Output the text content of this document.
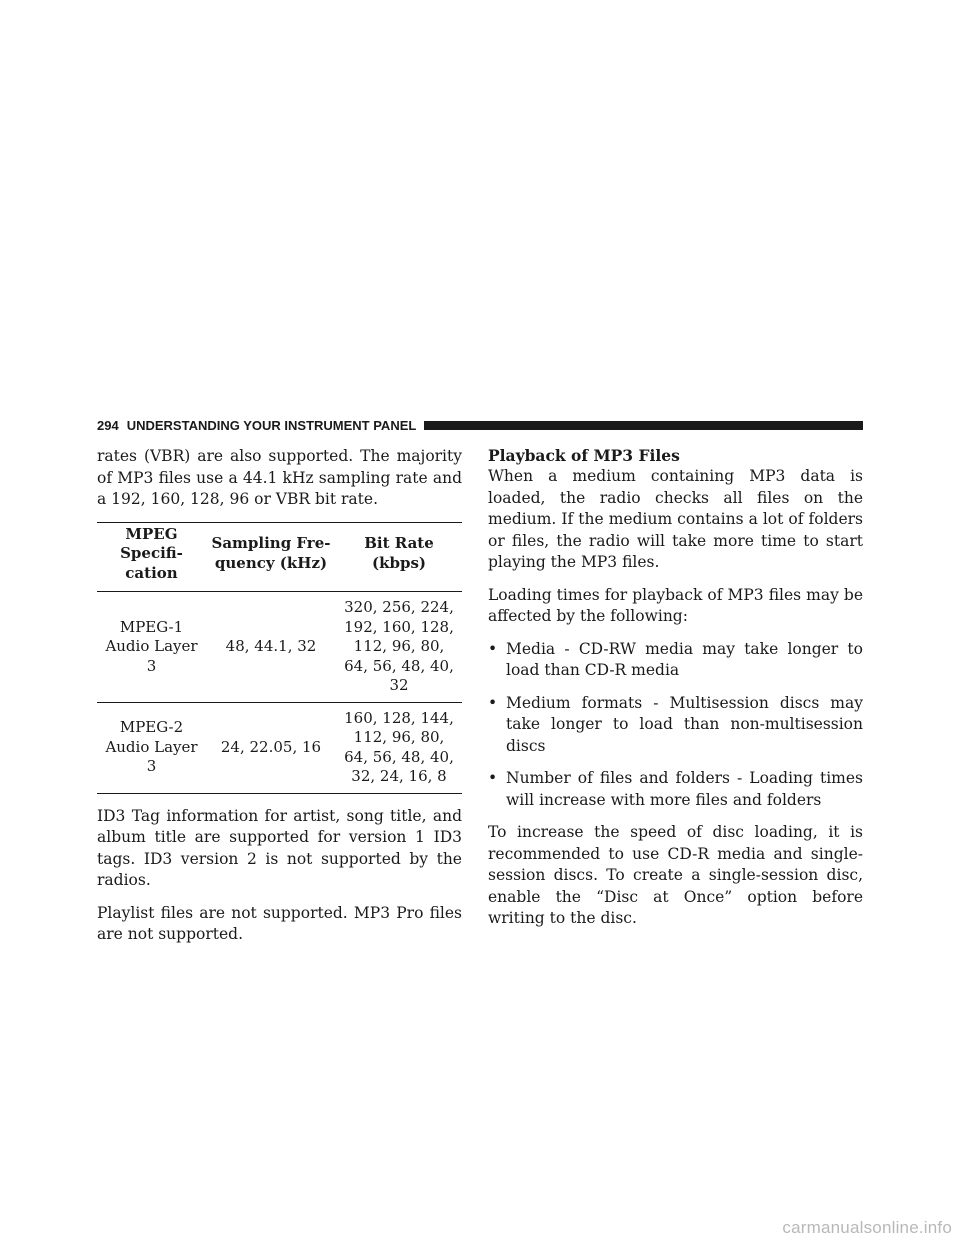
294 UNDERSTANDING YOUR INSTRUMENT PANEL

rates (VBR) are also supported. The majority of MP3 files use a 44.1 kHz sampling rate and a 192, 160, 128, 96 or VBR bit rate.

MPEG Specifi-cation	Sampling Fre-quency (kHz)	Bit Rate (kbps)
MPEG-1 Audio Layer 3	48, 44.1, 32	320, 256, 224, 192, 160, 128, 112, 96, 80, 64, 56, 48, 40, 32
MPEG-2 Audio Layer 3	24, 22.05, 16	160, 128, 144, 112, 96, 80, 64, 56, 48, 40, 32, 24, 16, 8

ID3 Tag information for artist, song title, and album title are supported for version 1 ID3 tags. ID3 version 2 is not supported by the radios.

Playlist files are not supported. MP3 Pro files are not supported.

Playback of MP3 Files

When a medium containing MP3 data is loaded, the radio checks all files on the medium. If the medium contains a lot of folders or files, the radio will take more time to start playing the MP3 files.

Loading times for playback of MP3 files may be affected by the following:

• Media - CD-RW media may take longer to load than CD-R media
• Medium formats - Multisession discs may take longer to load than non-multisession discs
• Number of files and folders - Loading times will increase with more files and folders

To increase the speed of disc loading, it is recommended to use CD-R media and single-session discs. To create a single-session disc, enable the “Disc at Once” option before writing to the disc.

carmanualsonline.info
